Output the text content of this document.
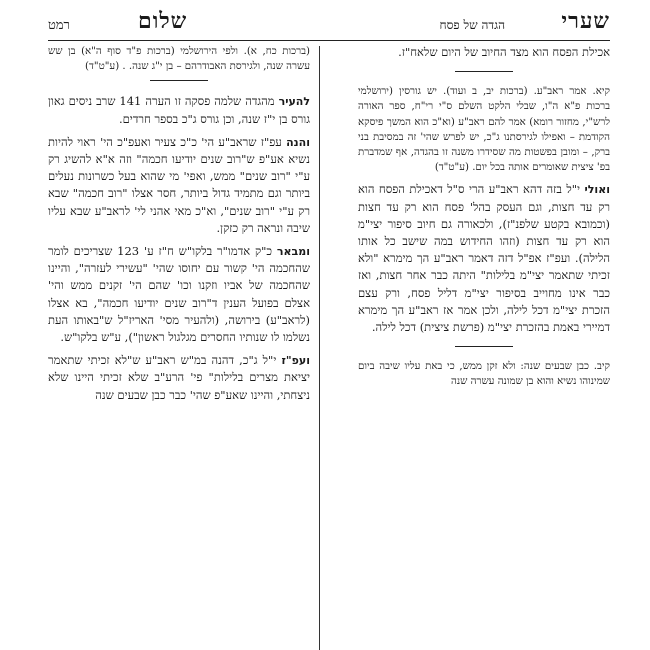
שערי
הגדה של פסח
שלום
רמט

אכילת הפסח הוא מצד החיוב של היום שלאח"ז.

קיא. אמר ראב"ע. (ברכות יב, ב ועוד). יש גורסין (ירושלמי ברכות פ"א ה"ו, שבלי הלקט השלם ס"י רי"ח, ספר האורה לרש"י, מחזור רומא) אמר להם ראב"ע (וא"כ הוא המשך פיסקא הקודמת – ואפילו לגירסתנו ג"כ, יש לפרש שהי' זה במסיבת בני ברק, – ומובן בפשטות מה שסידרו משנה זו בהגדה, אף שמדברת בפ' ציצית שאומרים אותה בכל יום. (ע"ט"ד)

ואולי י"ל בזה דהא ראב"ע הרי ס"ל דאכילת הפסח הוא רק עד חצות, וגם העסק בהל' פסח הוא רק עד חצות (וכמובא בקטע שלפנ"ז), ולכאורה גם חיוב סיפור יצי"מ הוא רק עד חצות (וזהו החידוש במה שישב כל אותו הלילה). ועפ"ז אפ"ל דזה דאמר ראב"ע הך מימרא "ולא זכיתי שתאמר יצי"מ בלילות" היתה כבר אחר חצות, ואז כבר אינו מחוייב בסיפור יצי"מ דליל פסח, ורק עצם הזכרת יצי"מ דכל לילה, ולכן אמר אז ראב"ע הך מימרא דמיירי באמת בהזכרת יצי"מ (פרשת ציצית) דכל לילה.

קיב. כבן שבעים שנה: ולא זקן ממש, כי באת עליו שיבה ביום שמינוהו נשיא והוא בן שמונה עשרה שנה

(ברכות כח, א). ולפי הירושלמי (ברכות פ"ד סוף ה"א) בן שש עשרה שנה, ולגירסת האבודרהם – בן י"ג שנה. . (ע"ט"ד)

להעיר מהגדה שלמה פסקה זו הערה 141 שרב ניסים גאון גורס בן י"ז שנה, וכן גורס ג"כ בספר חרדים.

והנה עפ"ז שראב"ע הי' כ"כ צעיר ואעפ"כ הי' ראוי להיות נשיא אע"פ ש"רוב שנים יודיעו חכמה" וזה א"א להשיג רק ע"י "רוב שנים" ממש, ואפי' מי שהוא בעל כשרונות נעלים ביותר וגם מתמיד גדול ביותר, חסר אצלו "רוב חכמה" שבא רק ע"י "רוב שנים", וא"כ מאי אהני לי' לראב"ע שבא עליו שיבה ונראה רק כזקן.

ומבאר כ"ק אדמו"ר בלקו"ש ח"ז ע' 123 שצריכים לומר שהחכמה הי' קשור עם יחוסו שהי' "עשירי לעזרה", והיינו שהחכמה של אביו וזקנו וכו' שהם הי' זקנים ממש והי' אצלם בפועל הענין ד"רוב שנים יודיעו חכמה", בא אצלו (לראב"ע) בירושה, (ולהעיר מסי' האריז"ל ש"באותו העת נשלמו לו שנותיו החסרים מגלגול ראשון"), ע"ש בלקו"ש.

ועפ"ז י"ל ג"כ, דהנה במ"ש ראב"ע ש"לא זכיתי שתאמר יציאת מצרים בלילות" פי' הרע"ב שלא זכיתי היינו שלא ניצחתי, והיינו שאע"פ שהי' כבר כבן שבעים שנה
